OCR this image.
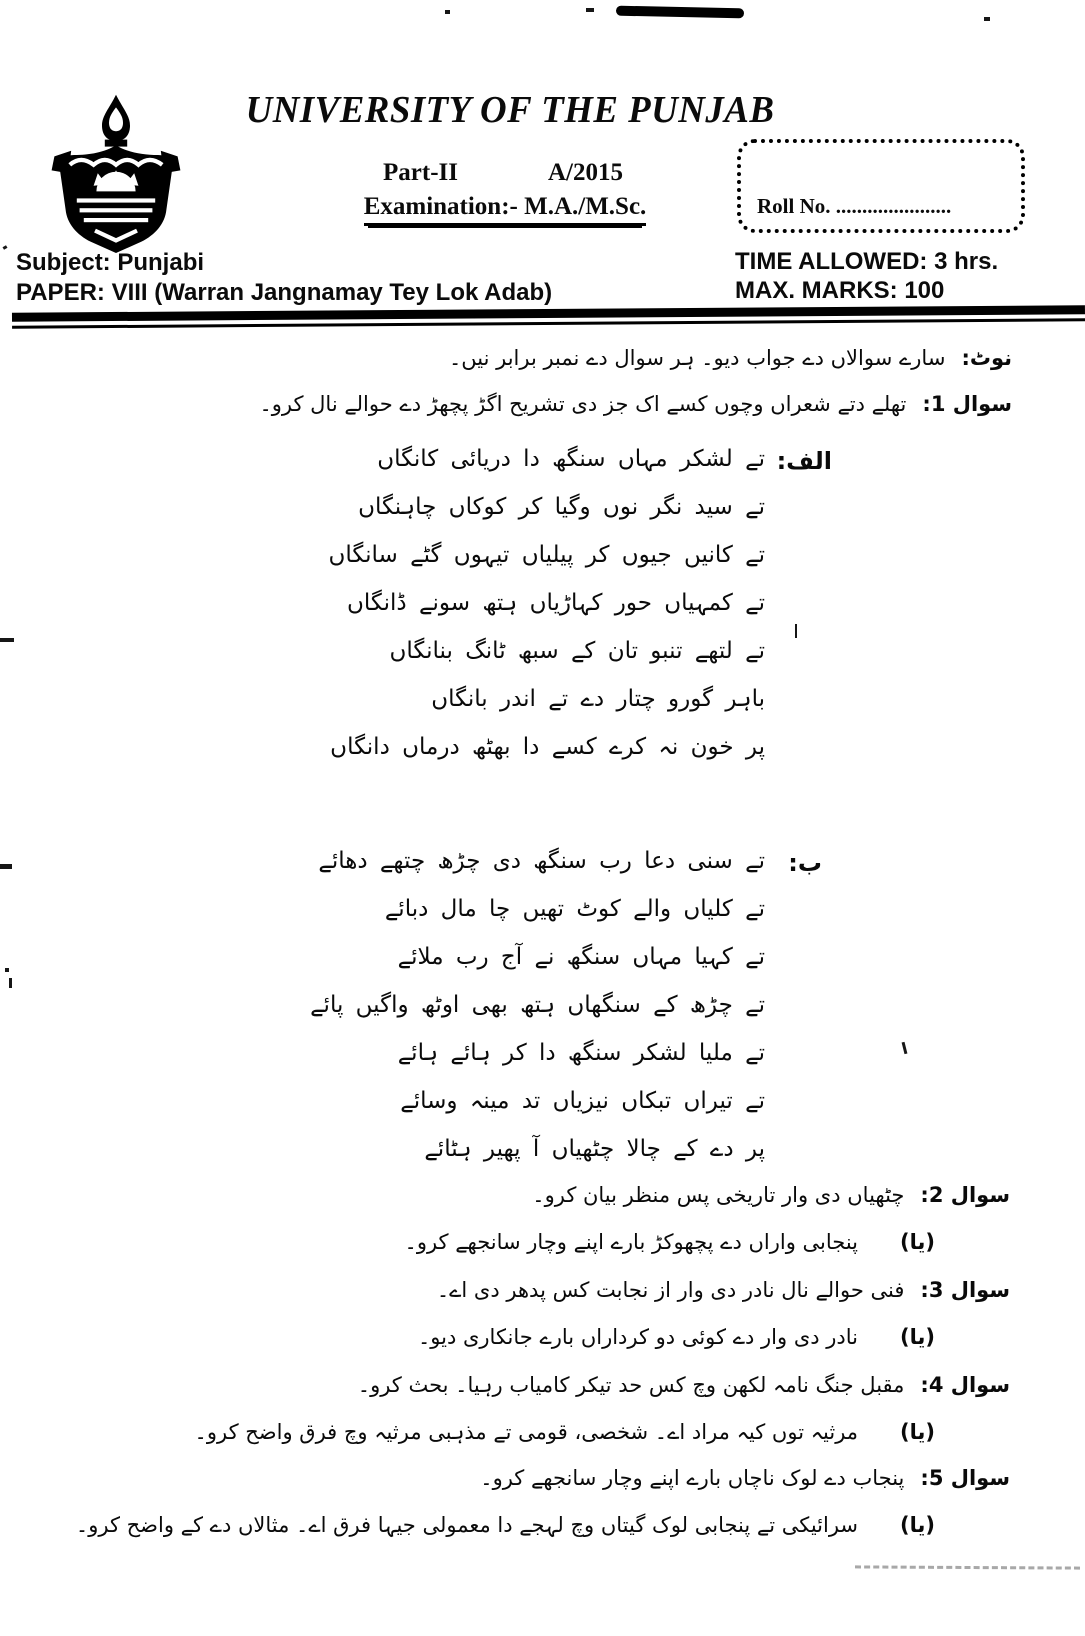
UNIVERSITY OF THE PUNJAB
Part-II	A/2015
Examination:- M.A./M.Sc.	Roll No. ......................
Subject: Punjabi
PAPER: VIII (Warran Jangnamay Tey Lok Adab)
TIME ALLOWED: 3 hrs.
MAX. MARKS: 100
نوٹ:سارے سوالاں دے جواب دیو۔ ہر سوال دے نمبر برابر نیں۔
سوال 1:تھلے دتے شعراں وچوں کسے اک جز دی تشریح اگڑ پچھڑ دے حوالے نال کرو۔
الف:
تے لشکر مہاں سنگھ دا دریائی کانگاں
تے سید نگر نوں وگیا کر کوکاں چاہنگاں
تے کانیں جیوں کر پیلیاں تیہوں گٹے سانگاں
تے کمہیاں حور کہاڑیاں ہتھ سونے ڈانگاں
تے لتھے تنبو تان کے سبھ ٹانگ بنانگاں
باہر گورو چتار دے تے اندر بانگاں
پر خون نہ کرے کسے دا بھٹھ درماں دانگاں
ب:
تے سنی دعا رب سنگھ دی چڑھ چتھے دھائے
تے کلیاں والے کوٹ تھیں چا مال دبائے
تے کہیا مہاں سنگھ نے آج رب ملائے
تے چڑھ کے سنگھاں ہتھ بھی اوٹھ واگیں پائے
تے ملیا لشکر سنگھ دا کر ہائے ہائے
تے تیراں تبکاں نیزیاں تد مینہ وسائے
پر دے کے چالا چٹھیاں آ پھیر ہٹائے
سوال 2:چٹھیاں دی وار تاریخی پس منظر بیان کرو۔
(یا)پنجابی واراں دے پچھوکڑ بارے اپنے وچار سانجھے کرو۔
سوال 3:فنی حوالے نال نادر دی وار از نجابت کس پدھر دی اے۔
(یا)نادر دی وار دے کوئی دو کرداراں بارے جانکاری دیو۔
سوال 4:مقبل جنگ نامہ لکھن وچ کس حد تیکر کامیاب رہیا۔ بحث کرو۔
(یا)مرثیہ توں کیہ مراد اے۔ شخصی، قومی تے مذہبی مرثیہ وچ فرق واضح کرو۔
سوال 5:پنجاب دے لوک ناچاں بارے اپنے وچار سانجھے کرو۔
(یا)سرائیکی تے پنجابی لوک گیتاں وچ لہجے دا معمولی جیہا فرق اے۔ مثالاں دے کے واضح کرو۔
